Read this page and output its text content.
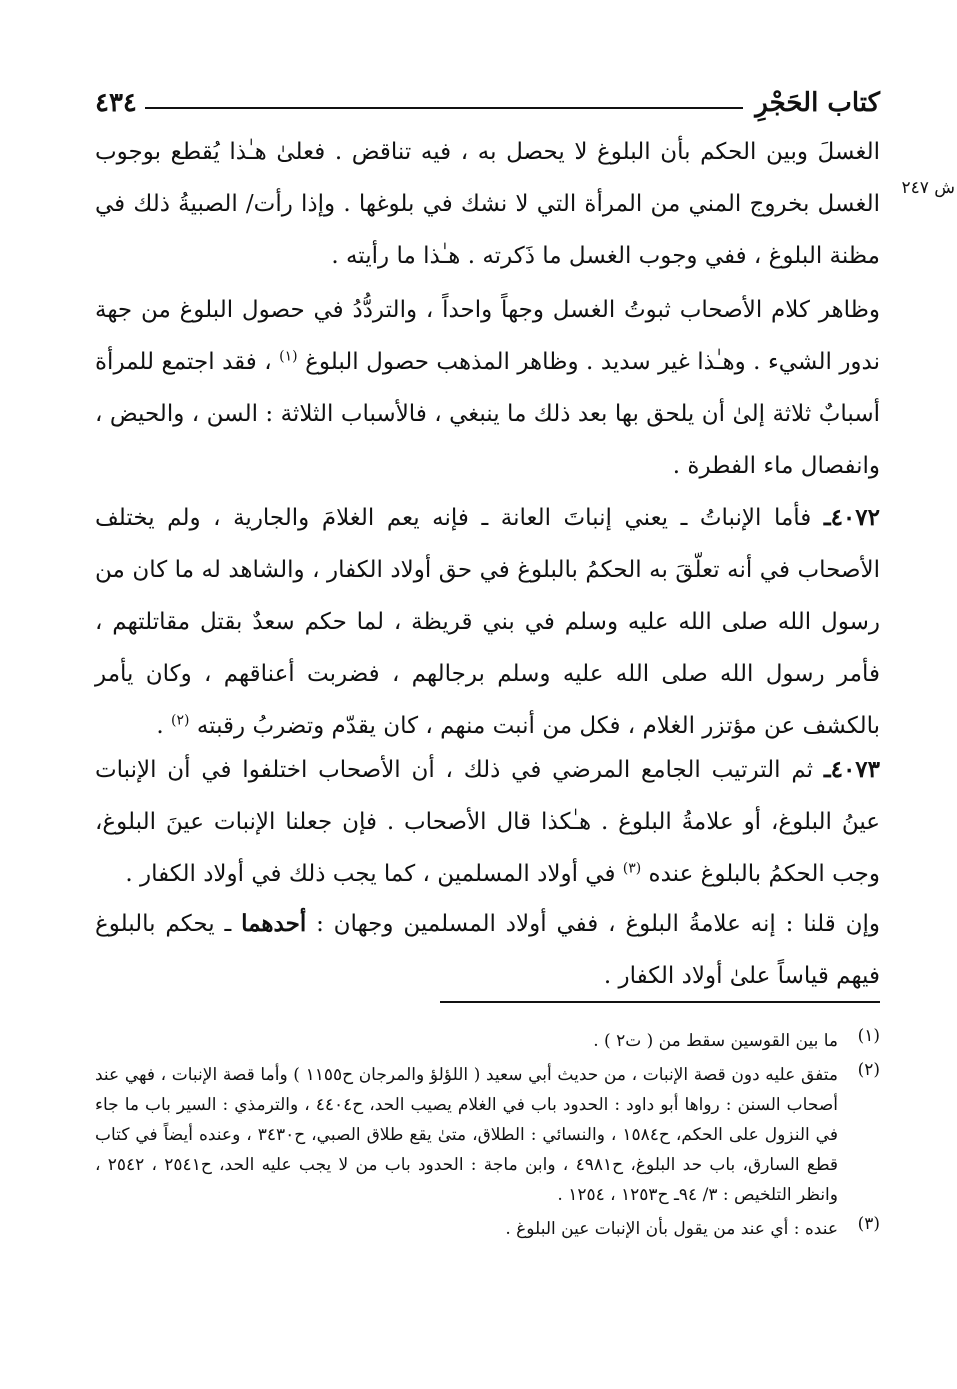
كتاب الحَجْرِ
٤٣٤
ش ٢٤٧

الغسلَ وبين الحكم بأن البلوغ لا يحصل به ، فيه تناقض . فعلىٰ هـٰذا يُقطع بوجوب الغسل بخروج المني من المرأة التي لا نشك في بلوغها . وإذا رأت/ الصبيةُ ذلك في مظنة البلوغ ، ففي وجوب الغسل ما ذَكرته . هـٰذا ما رأيته .

وظاهر كلام الأصحاب ثبوتُ الغسل وجهاً واحداً ، والتردُّدُ في حصول البلوغ من جهة ندور الشيء . وهـٰذا غير سديد . وظاهر المذهب حصول البلوغ $^{(١)}$ ، فقد اجتمع للمرأة أسبابٌ ثلاثة إلىٰ أن يلحق بها بعد ذلك ما ينبغي ، فالأسباب الثلاثة : السن ، والحيض ، وانفصال ماء الفطرة .

٤٠٧٢ـ فأما الإنباتُ ـ يعني إنباتَ العانة ـ فإنه يعم الغلامَ والجارية ، ولم يختلف الأصحاب في أنه تعلّقَ به الحكمُ بالبلوغ في حق أولاد الكفار ، والشاهد له ما كان من رسول الله صلى الله عليه وسلم في بني قريظة ، لما حكم سعدٌ بقتل مقاتلتهم ، فأمر رسول الله صلى الله عليه وسلم برجالهم ، فضربت أعناقهم ، وكان يأمر بالكشف عن مؤتزر الغلام ، فكل من أنبت منهم ، كان يقدّم وتضربُ رقبته $^{(٢)}$ .

٤٠٧٣ـ ثم الترتيب الجامع المرضي في ذلك ، أن الأصحاب اختلفوا في أن الإنبات عينُ البلوغ، أو علامةُ البلوغ . هـٰكذا قال الأصحاب . فإن جعلنا الإنبات عينَ البلوغ، وجب الحكمُ بالبلوغ عنده $^{(٣)}$ في أولاد المسلمين ، كما يجب ذلك في أولاد الكفار .

وإن قلنا : إنه علامةُ البلوغ ، ففي أولاد المسلمين وجهان : أحدهما ـ يحكم بالبلوغ فيهم قياساً علىٰ أولاد الكفار .

(١)
ما بين القوسين سقط من ( ت٢ ) .
(٢)
متفق عليه دون قصة الإنبات ، من حديث أبي سعيد ( اللؤلؤ والمرجان ح١١٥٥ ) وأما قصة الإنبات ، فهي عند أصحاب السنن : رواها أبو داود : الحدود باب في الغلام يصيب الحد، ح٤٤٠٤ ، والترمذي : السير باب ما جاء في النزول على الحكم، ح١٥٨٤ ، والنسائي : الطلاق، متىٰ يقع طلاق الصبي، ح٣٤٣٠ ، وعنده أيضاً في كتاب قطع السارق، باب حد البلوغ، ح٤٩٨١ ، وابن ماجة : الحدود باب من لا يجب عليه الحد، ح٢٥٤١ ، ٢٥٤٢ ، وانظر التلخيص : ٣/ ٩٤ـ ح١٢٥٣ ، ١٢٥٤ .
(٣)
عنده : أي عند من يقول بأن الإنبات عين البلوغ .
